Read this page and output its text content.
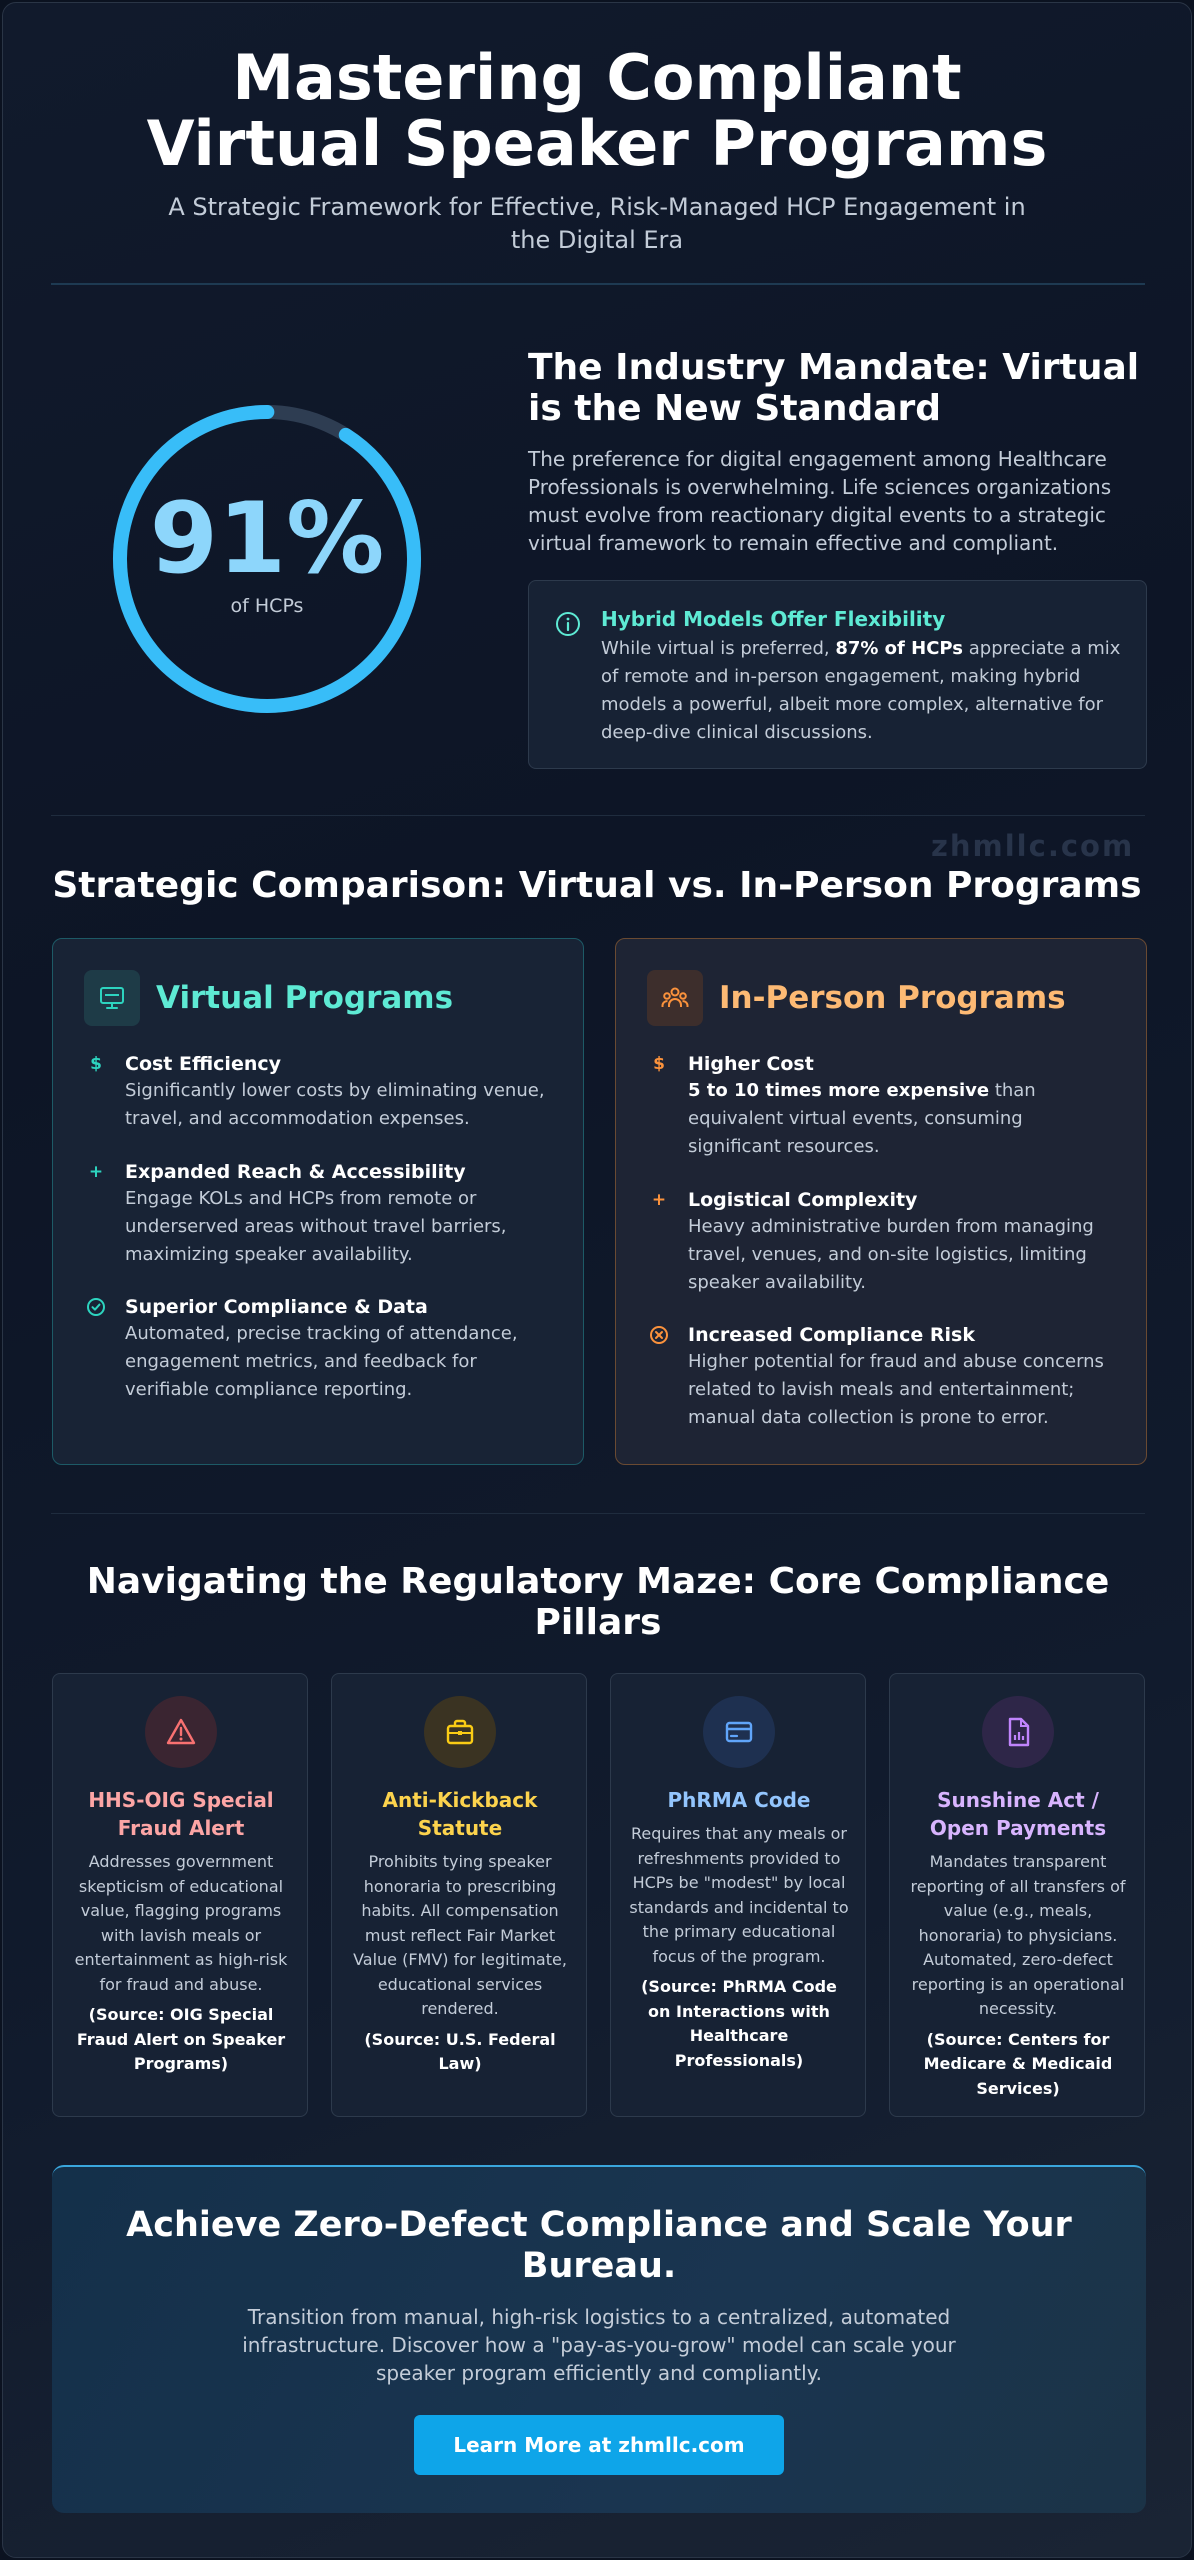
Mastering Compliant Virtual Speaker Programs

A Strategic Framework for Effective, Risk-Managed HCP Engagement in the Digital Era

91%
of HCPs
The Industry Mandate: Virtual is the New Standard

The preference for digital engagement among Healthcare Professionals is overwhelming. Life sciences organizations must evolve from reactionary digital events to a strategic virtual framework to remain effective and compliant.

Hybrid Models Offer Flexibility

While virtual is preferred, 87% of HCPs appreciate a mix of remote and in-person engagement, making hybrid models a powerful, albeit more complex, alternative for deep-dive clinical discussions.

zhmllc.com
Strategic Comparison: Virtual vs. In-Person Programs
Virtual Programs
$ Cost Efficiency
Significantly lower costs by eliminating venue, travel, and accommodation expenses.
+ Expanded Reach & Accessibility
Engage KOLs and HCPs from remote or underserved areas without travel barriers, maximizing speaker availability.
Superior Compliance & Data
Automated, precise tracking of attendance, engagement metrics, and feedback for verifiable compliance reporting.
In-Person Programs
$ Higher Cost
5 to 10 times more expensive than equivalent virtual events, consuming significant resources.
+ Logistical Complexity
Heavy administrative burden from managing travel, venues, and on-site logistics, limiting speaker availability.
Increased Compliance Risk
Higher potential for fraud and abuse concerns related to lavish meals and entertainment; manual data collection is prone to error.
Navigating the Regulatory Maze: Core Compliance Pillars
HHS-OIG Special Fraud Alert
Addresses government skepticism of educational value, flagging programs with lavish meals or entertainment as high-risk for fraud and abuse.
(Source: OIG Special Fraud Alert on Speaker Programs)
Anti-Kickback Statute
Prohibits tying speaker honoraria to prescribing habits. All compensation must reflect Fair Market Value (FMV) for legitimate, educational services rendered.
(Source: U.S. Federal Law)
PhRMA Code
Requires that any meals or refreshments provided to HCPs be "modest" by local standards and incidental to the primary educational focus of the program.
(Source: PhRMA Code on Interactions with Healthcare Professionals)
Sunshine Act / Open Payments
Mandates transparent reporting of all transfers of value (e.g., meals, honoraria) to physicians. Automated, zero-defect reporting is an operational necessity.
(Source: Centers for Medicare & Medicaid Services)
Achieve Zero-Defect Compliance and Scale Your
Bureau.

Transition from manual, high-risk logistics to a centralized, automated infrastructure. Discover how a "pay-as-you-grow" model can scale your speaker program efficiently and compliantly.

Learn More at zhmllc.com
